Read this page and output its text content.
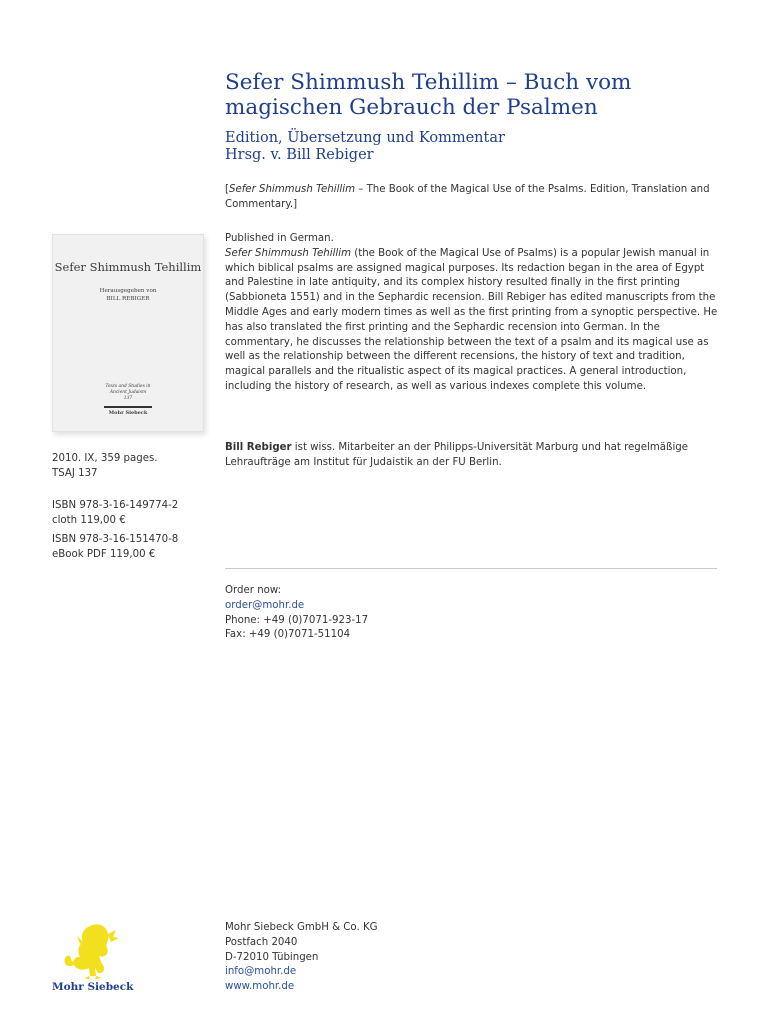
Sefer Shimmush Tehillim – Buch vom magischen Gebrauch der Psalmen
Edition, Übersetzung und Kommentar
Hrsg. v. Bill Rebiger
[Sefer Shimmush Tehillim – The Book of the Magical Use of the Psalms. Edition, Translation and Commentary.]
Published in German.
Sefer Shimmush Tehillim (the Book of the Magical Use of Psalms) is a popular Jewish manual in which biblical psalms are assigned magical purposes. Its redaction began in the area of Egypt and Palestine in late antiquity, and its complex history resulted finally in the first printing (Sabbioneta 1551) and in the Sephardic recension. Bill Rebiger has edited manuscripts from the Middle Ages and early modern times as well as the first printing from a synoptic perspective. He has also translated the first printing and the Sephardic recension into German. In the commentary, he discusses the relationship between the text of a psalm and its magical use as well as the relationship between the different recensions, the history of text and tradition, magical parallels and the ritualistic aspect of its magical practices. A general introduction, including the history of research, as well as various indexes complete this volume.
Bill Rebiger ist wiss. Mitarbeiter an der Philipps-Universität Marburg und hat regelmäßige Lehraufträge am Institut für Judaistik an der FU Berlin.
Order now:
order@mohr.de
Phone: +49 (0)7071-923-17
Fax: +49 (0)7071-51104
Mohr Siebeck GmbH & Co. KG
Postfach 2040
D-72010 Tübingen
info@mohr.de
www.mohr.de
Sefer Shimmush Tehillim
Herausgegeben von
BILL REBIGER
Texts and Studies in
Ancient Judaism
137
Mohr Siebeck
2010. IX, 359 pages.
TSAJ 137
ISBN 978-3-16-149774-2
cloth 119,00 €
ISBN 978-3-16-151470-8
eBook PDF 119,00 €
Mohr Siebeck
